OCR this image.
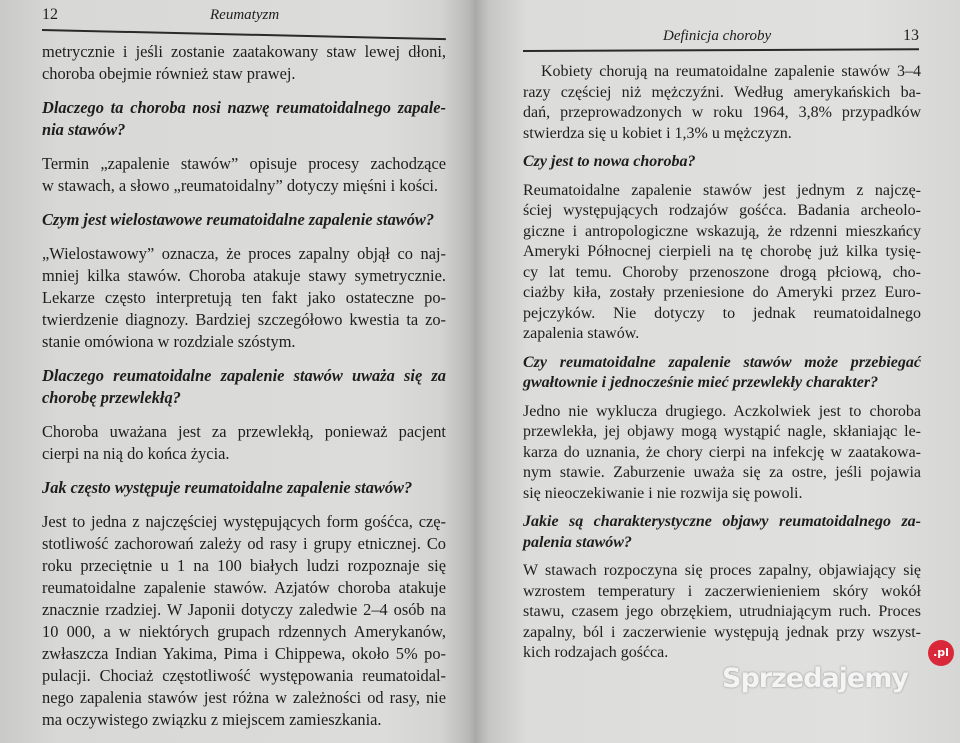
12	Reumatyzm
metrycznie i jeśli zostanie zaatakowany staw lewej dłoni,
choroba obejmie również staw prawej.
Dlaczego ta choroba nosi nazwę reumatoidalnego zapale-
nia stawów?
Termin „zapalenie stawów” opisuje procesy zachodzące
w stawach, a słowo „reumatoidalny” dotyczy mięśni i kości.
Czym jest wielostawowe reumatoidalne zapalenie stawów?
„Wielostawowy” oznacza, że proces zapalny objął co naj-
mniej kilka stawów. Choroba atakuje stawy symetrycznie.
Lekarze często interpretują ten fakt jako ostateczne po-
twierdzenie diagnozy. Bardziej szczegółowo kwestia ta zo-
stanie omówiona w rozdziale szóstym.
Dlaczego reumatoidalne zapalenie stawów uważa się za
chorobę przewlekłą?
Choroba uważana jest za przewlekłą, ponieważ pacjent
cierpi na nią do końca życia.
Jak często występuje reumatoidalne zapalenie stawów?
Jest to jedna z najczęściej występujących form gośćca, czę-
stotliwość zachorowań zależy od rasy i grupy etnicznej. Co
roku przeciętnie u 1 na 100 białych ludzi rozpoznaje się
reumatoidalne zapalenie stawów. Azjatów choroba atakuje
znacznie rzadziej. W Japonii dotyczy zaledwie 2–4 osób na
10 000, a w niektórych grupach rdzennych Amerykanów,
zwłaszcza Indian Yakima, Pima i Chippewa, około 5% po-
pulacji. Chociaż częstotliwość występowania reumatoidal-
nego zapalenia stawów jest różna w zależności od rasy, nie
ma oczywistego związku z miejscem zamieszkania.
Definicja choroby	13
Kobiety chorują na reumatoidalne zapalenie stawów 3–4
razy częściej niż mężczyźni. Według amerykańskich ba-
dań, przeprowadzonych w roku 1964, 3,8% przypadków
stwierdza się u kobiet i 1,3% u mężczyzn.
Czy jest to nowa choroba?
Reumatoidalne zapalenie stawów jest jednym z najczę-
ściej występujących rodzajów gośćca. Badania archeolo-
giczne i antropologiczne wskazują, że rdzenni mieszkańcy
Ameryki Północnej cierpieli na tę chorobę już kilka tysię-
cy lat temu. Choroby przenoszone drogą płciową, cho-
ciażby kiła, zostały przeniesione do Ameryki przez Euro-
pejczyków. Nie dotyczy to jednak reumatoidalnego
zapalenia stawów.
Czy reumatoidalne zapalenie stawów może przebiegać
gwałtownie i jednocześnie mieć przewlekły charakter?
Jedno nie wyklucza drugiego. Aczkolwiek jest to choroba
przewlekła, jej objawy mogą wystąpić nagle, skłaniając le-
karza do uznania, że chory cierpi na infekcję w zaatakowa-
nym stawie. Zaburzenie uważa się za ostre, jeśli pojawia
się nieoczekiwanie i nie rozwija się powoli.
Jakie są charakterystyczne objawy reumatoidalnego za-
palenia stawów?
W stawach rozpoczyna się proces zapalny, objawiający się
wzrostem temperatury i zaczerwienieniem skóry wokół
stawu, czasem jego obrzękiem, utrudniającym ruch. Proces
zapalny, ból i zaczerwienie występują jednak przy wszyst-
kich rodzajach gośćca.
Sprzedajemy
.pl
